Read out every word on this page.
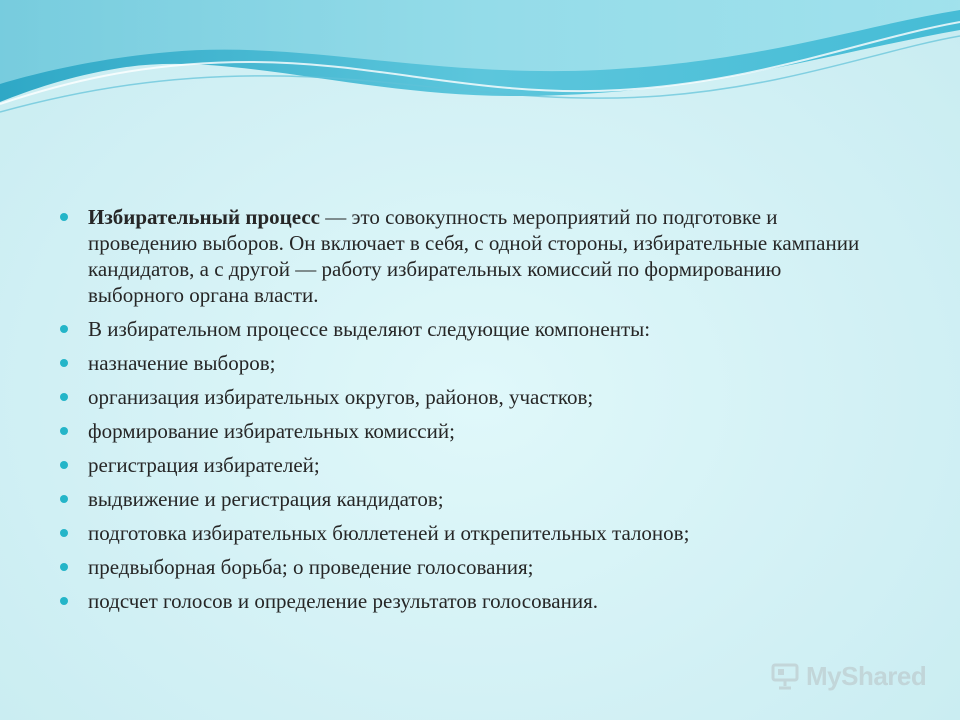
Избирательный процесс — это совокупность мероприятий по подготовке и проведению выборов. Он включает в себя, с одной стороны, избирательные кампании кандидатов, а с другой — работу избирательных комиссий по формированию выборного органа власти.
В избирательном процессе выделяют следующие компоненты:
назначение выборов;
организация избирательных округов, районов, участков;
формирование избирательных комиссий;
регистрация избирателей;
выдвижение и регистрация кандидатов;
подготовка избирательных бюллетеней и открепительных талонов;
предвыборная борьба; о проведение голосования;
подсчет голосов и определение результатов голосования.
MyShared
